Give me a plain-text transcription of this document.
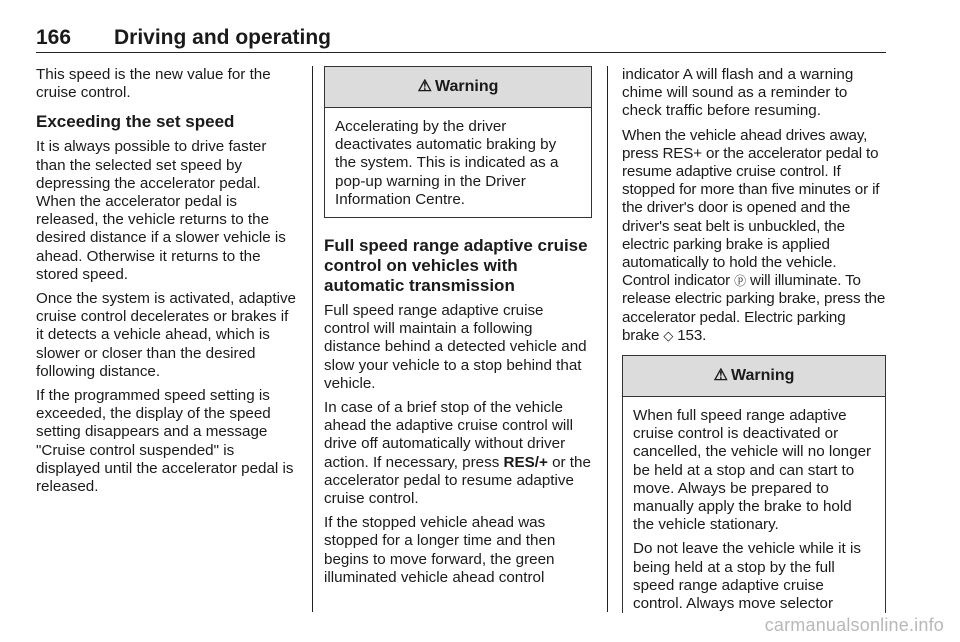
166 Driving and operating

This speed is the new value for the cruise control.

Exceeding the set speed

It is always possible to drive faster than the selected set speed by depressing the accelerator pedal. When the accelerator pedal is released, the vehicle returns to the desired distance if a slower vehicle is ahead. Otherwise it returns to the stored speed.

Once the system is activated, adaptive cruise control decelerates or brakes if it detects a vehicle ahead, which is slower or closer than the desired following distance.

If the programmed speed setting is exceeded, the display of the speed setting disappears and a message "Cruise control suspended" is displayed until the accelerator pedal is released.

⚠ Warning

Accelerating by the driver deactivates automatic braking by the system. This is indicated as a pop-up warning in the Driver Information Centre.

Full speed range adaptive cruise control on vehicles with automatic transmission

Full speed range adaptive cruise control will maintain a following distance behind a detected vehicle and slow your vehicle to a stop behind that vehicle.

In case of a brief stop of the vehicle ahead the adaptive cruise control will drive off automatically without driver action. If necessary, press RES/+ or the accelerator pedal to resume adaptive cruise control.

If the stopped vehicle ahead was stopped for a longer time and then begins to move forward, the green illuminated vehicle ahead control

indicator A will flash and a warning chime will sound as a reminder to check traffic before resuming.

When the vehicle ahead drives away, press RES+ or the accelerator pedal to resume adaptive cruise control. If stopped for more than five minutes or if the driver's door is opened and the driver's seat belt is unbuckled, the electric parking brake is applied automatically to hold the vehicle. Control indicator ⓟ will illuminate. To release electric parking brake, press the accelerator pedal. Electric parking brake ◇ 153.

⚠ Warning

When full speed range adaptive cruise control is deactivated or cancelled, the vehicle will no longer be held at a stop and can start to move. Always be prepared to manually apply the brake to hold the vehicle stationary.

Do not leave the vehicle while it is being held at a stop by the full speed range adaptive cruise control. Always move selector

carmanualsonline.info
